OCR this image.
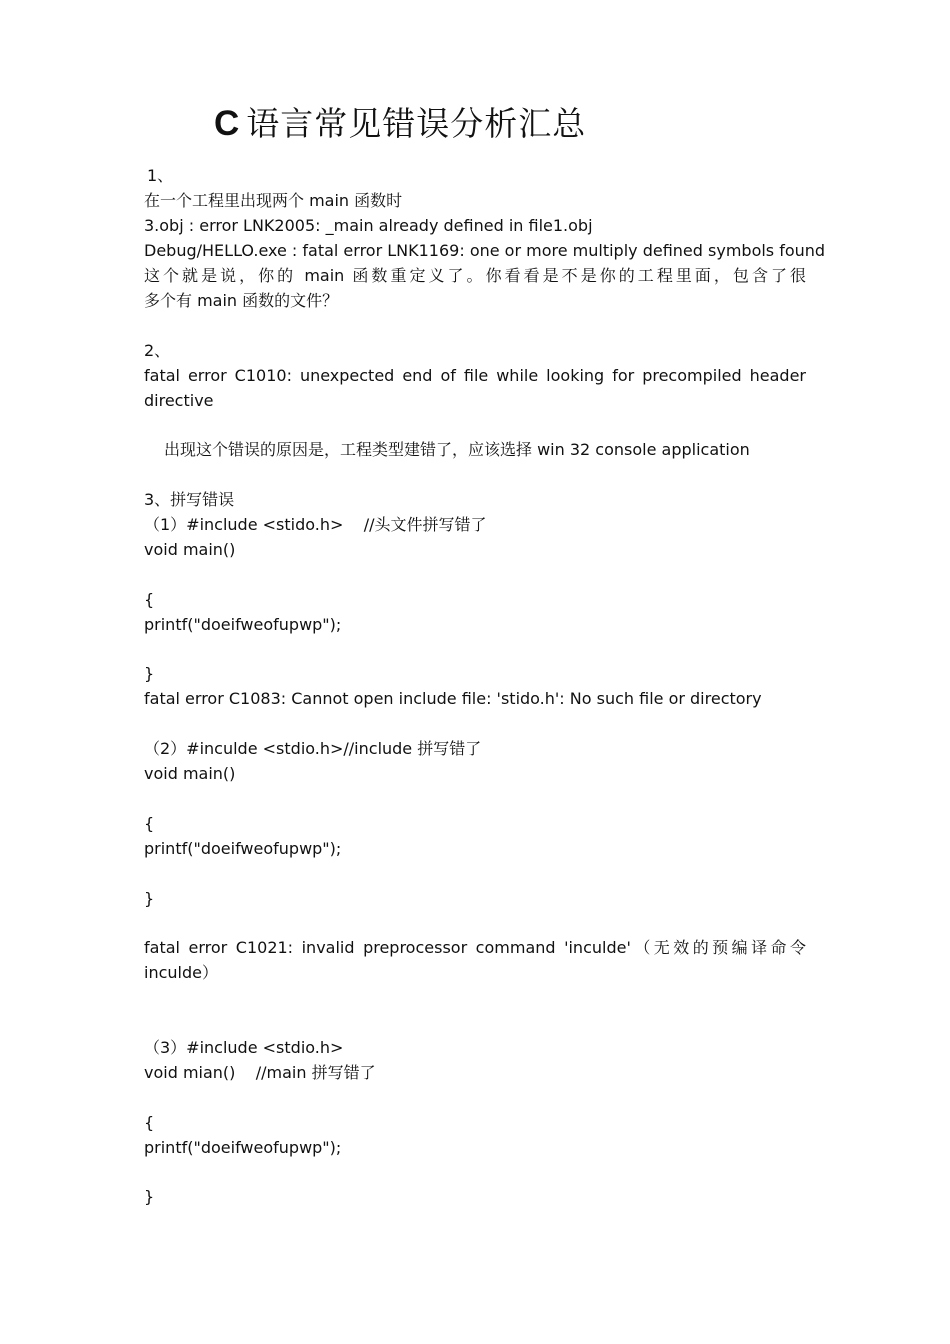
C 语言常见错误分析汇总
1、
在一个工程里出现两个 main 函数时
3.obj : error LNK2005: _main already defined in file1.obj
Debug/HELLO.exe : fatal error LNK1169: one or more multiply defined symbols found
这个就是说，你的 main 函数重定义了。你看看是不是你的工程里面，包含了很
多个有 main 函数的文件？
2、
fatal error C1010: unexpected end of file while looking for precompiled header
directive
出现这个错误的原因是，工程类型建错了，应该选择 win 32 console application
3、拼写错误
（1）#include <stido.h>    //头文件拼写错了
void main()
{
printf("doeifweofupwp");
}
fatal error C1083: Cannot open include file: 'stido.h': No such file or directory
（2）#inculde <stdio.h>//include 拼写错了
void main()
{
printf("doeifweofupwp");
}
fatal error C1021: invalid preprocessor command 'inculde'（无效的预编译命令
inculde）
（3）#include <stdio.h>
void mian()    //main 拼写错了
{
printf("doeifweofupwp");
}
